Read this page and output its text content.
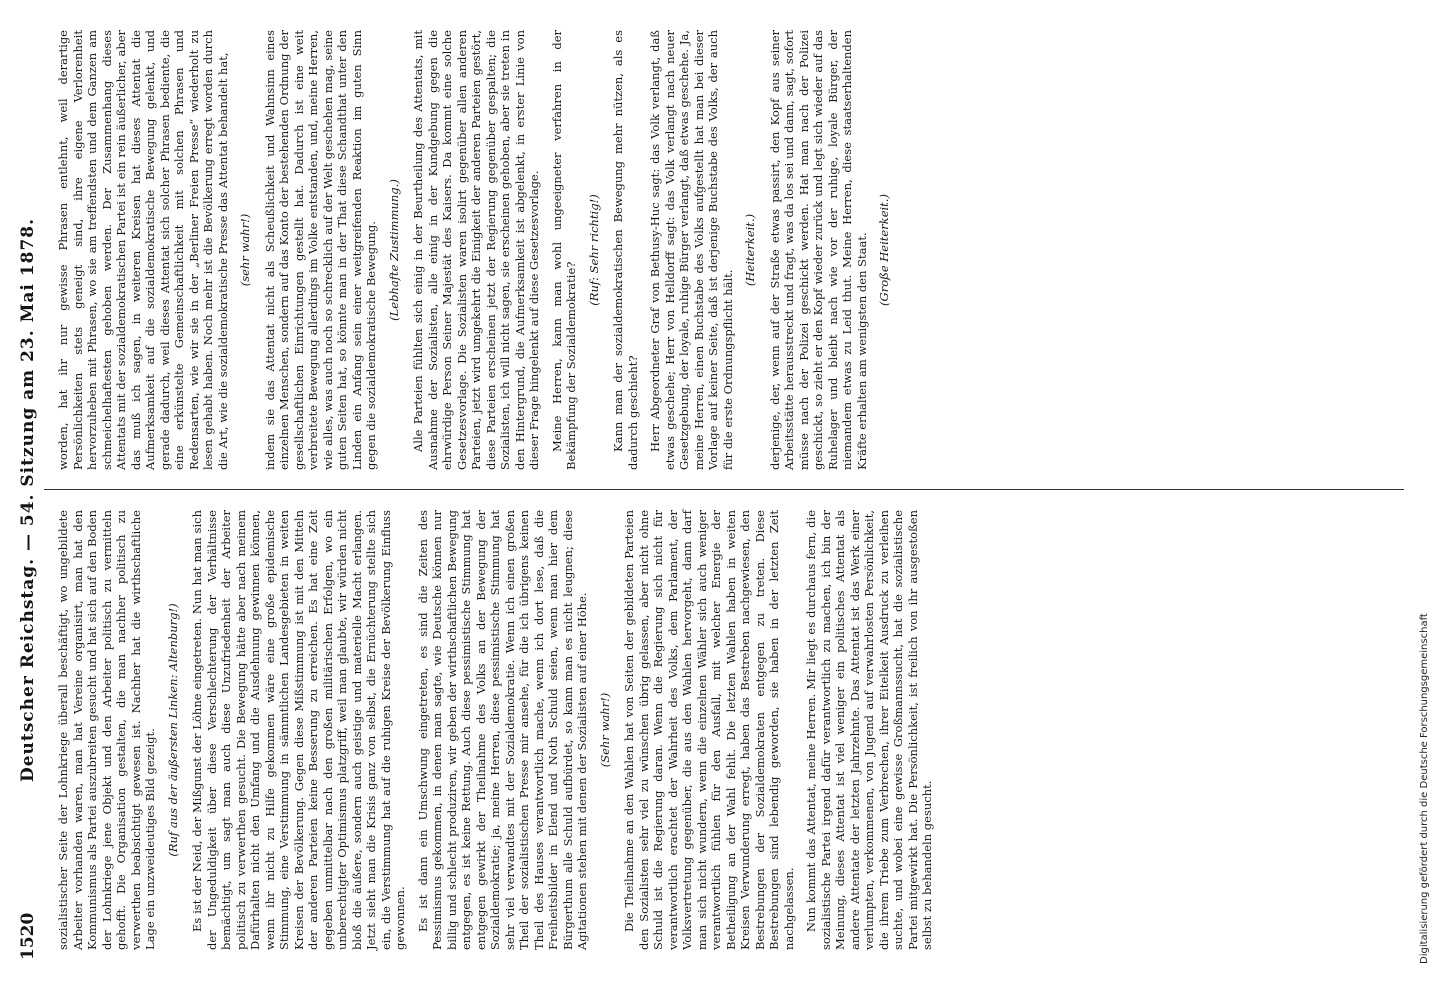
1520
Deutscher Reichstag. — 54. Sitzung am 23. Mai 1878. sozialistischer Seite der Lohnkriege überall beschäftigt, wo ungebildete Arbeiter vorhanden waren, man hat Vereine organisirt, man hat den Kommunismus als Partei auszubreiten gesucht und hat sich auf den Boden der Lohnkriege jene Objekt und den Arbeiter politisch zu vermitteln gehofft. Die Organisation gestalten, die man nachher politisch zu verwerthen beabsichtigt gewesen ist. Nachher hat die wirthschaftliche Lage ein unzweideutiges Bild gezeigt. (Ruf aus der äußersten Linken: Altenburg!) Es ist der Neid, der Mißgunst der Löhne eingetreten. Nun hat man sich der Ungeduldigkeit über diese Verschlechterung der Verhältnisse bemächtigt, um sagt man auch diese Unzufriedenheit der Arbeiter politisch zu verwerthen gesucht. Die Bewegung hätte aber nach meinem Dafürhalten nicht den Umfang und die Ausdehnung gewinnen können, wenn ihr nicht zu Hilfe gekommen wäre eine große epidemische Stimmung, eine Verstimmung in sämmtlichen Landesgebieten in weiten Kreisen der Bevölkerung. Gegen diese Mißstimmung ist mit den Mitteln der anderen Parteien keine Besserung zu erreichen. Es hat eine Zeit gegeben unmittelbar nach den großen militärischen Erfolgen, wo ein unberechtigter Optimismus platzgriff, weil man glaubte, wir würden nicht bloß die äußere, sondern auch geistige und materielle Macht erlangen. Jetzt sieht man die Krisis ganz von selbst, die Ernüchterung stellte sich ein, die Verstimmung hat auf die ruhigen Kreise der Bevölkerung Einfluss gewonnen. Es ist dann ein Umschwung eingetreten, es sind die Zeiten des Pessimismus gekommen, in denen man sagte, wie Deutsche können nur billig und schlecht produziren, wir geben der wirthschaftlichen Bewegung entgegen, es ist keine Rettung. Auch diese pessimistische Stimmung hat entgegen gewirkt der Theilnahme des Volks an der Bewegung der Sozialdemokratie; ja, meine Herren, diese pessimistische Stimmung hat sehr viel verwandtes mit der Sozialdemokratie. Wenn ich einen großen Theil der sozialistischen Presse mir ansehe, für die ich übrigens keinen Theil des Hauses verantwortlich mache, wenn ich dort lese, daß die Freiheitsbilder in Elend und Noth Schuld seien, wenn man hier dem Bürgerthum alle Schuld aufbürdet, so kann man es nicht leugnen; diese Agitationen stehen mit denen der Sozialisten auf einer Höhe. (Sehr wahr!) Die Theilnahme an den Wahlen hat von Seiten der gebildeten Parteien den Sozialisten sehr viel zu wünschen übrig gelassen, aber nicht ohne Schuld ist die Regierung daran. Wenn die Regierung sich nicht für verantwortlich erachtet der Wahrheit des Volks, dem Parlament, der Volksvertretung gegenüber, die aus den Wahlen hervorgeht, dann darf man sich nicht wundern, wenn die einzelnen Wähler sich auch weniger verantwortlich fühlen für den Ausfall, mit welcher Energie der Betheiligung an der Wahl fehlt. Die letzten Wahlen haben in weiten Kreisen Verwunderung erregt, haben das Bestreben nachgewiesen, den Bestrebungen der Sozialdemokraten entgegen zu treten. Diese Bestrebungen sind lebendig geworden, sie haben in der letzten Zeit nachgelassen. Nun kommt das Attentat, meine Herren. Mir liegt es durchaus fern, die sozialistische Partei irgend dafür verantwortlich zu machen, ich bin der Meinung, dieses Attentat ist viel weniger ein politisches Attentat als andere Attentate der letzten Jahrzehnte. Das Attentat ist das Werk einer verlumpten, verkommenen, von Jugend auf verwahrlosten Persönlichkeit, die ihrem Triebe zum Verbrechen, ihrer Eitelkeit Ausdruck zu verleihen suchte, und wobei eine gewisse Großmannssucht, hat die sozialistische Partei mitgewirkt hat. Die Persönlichkeit, ist freilich von ihr ausgestoßen selbst zu behandeln gesucht.

worden, hat ihr nur gewisse Phrasen entlehnt, weil derartige Persönlichkeiten stets geneigt sind, ihre eigene Verlorenheit hervorzuheben mit Phrasen, wo sie am treffendsten und dem Ganzen am schmeichelhaftesten gehoben werden. Der Zusammenhang dieses Attentats mit der sozialdemokratischen Partei ist ein rein äußerlicher, aber das muß ich sagen, in weiteren Kreisen hat dieses Attentat die Aufmerksamkeit auf die sozialdemokratische Bewegung gelenkt, und gerade dadurch, weil dieses Attentat sich solcher Phrasen bediente, die eine erkünstelte Gemeinschaftlichkeit mit solchen Phrasen und Redensarten, wie wir sie in der „Berliner Freien Presse“ wiederholt zu lesen gehabt haben. Noch mehr ist die Bevölkerung erregt worden durch die Art, wie die sozialdemokratische Presse das Attentat behandelt hat, (sehr wahr!) indem sie das Attentat nicht als Scheußlichkeit und Wahnsinn eines einzelnen Menschen, sondern auf das Konto der bestehenden Ordnung der gesellschaftlichen Einrichtungen gestellt hat. Dadurch ist eine weit verbreitete Bewegung allerdings im Volke entstanden, und, meine Herren, wie alles, was auch noch so schrecklich auf der Welt geschehen mag, seine guten Seiten hat, so könnte man in der That diese Schandthat unter den Linden ein Anfang sein einer weitgreifenden Reaktion im guten Sinn gegen die sozialdemokratische Bewegung. (Lebhafte Zustimmung.) Alle Parteien fühlten sich einig in der Beurtheilung des Attentats, mit Ausnahme der Sozialisten, alle einig in der Kundgebung gegen die ehrwürdige Person Seiner Majestät des Kaisers. Da kommt eine solche Gesetzesvorlage. Die Sozialisten waren isolirt gegenüber allen anderen Parteien, jetzt wird umgekehrt die Einigkeit der anderen Parteien gestört, diese Parteien erscheinen jetzt der Regierung gegenüber gespalten; die Sozialisten, ich will nicht sagen, sie erscheinen gehoben, aber sie treten in den Hintergrund, die Aufmerksamkeit ist abgelenkt, in erster Linie von dieser Frage hingelenkt auf diese Gesetzesvorlage. Meine Herren, kann man wohl ungeeigneter verfahren in der Bekämpfung der Sozialdemokratie?

(Ruf: Sehr richtig!) Kann man der sozialdemokratischen Bewegung mehr nützen, als es dadurch geschieht? Herr Abgeordneter Graf von Bethusy-Huc sagt: das Volk verlangt, daß etwas geschehe; Herr von Helldorff sagt: das Volk verlangt nach neuer Gesetzgebung, der loyale, ruhige Bürger verlangt, daß etwas geschehe. Ja, meine Herren, einen Buchstabe des Volks aufgestellt hat man bei dieser Vorlage auf keiner Seite, daß ist derjenige Buchstabe des Volks, der auch für die erste Ordnungspflicht hält.

(Heiterkeit.) derjenige, der, wenn auf der Straße etwas passirt, den Kopf aus seiner Arbeitsstätte herausstreckt und fragt, was da los sei und dann, sagt, sofort müsse nach der Polizei geschickt werden. Hat man nach der Polizei geschickt, so zieht er den Kopf wieder zurück und legt sich wieder auf das Ruhelager und bleibt nach wie vor der ruhige, loyale Bürger, der niemandem etwas zu Leid thut. Meine Herren, diese staatserhaltenden Kräfte erhalten am wenigsten den Staat. (Große Heiterkeit.)

Digitalisierung gefördert durch die Deutsche Forschungsgemeinschaft
